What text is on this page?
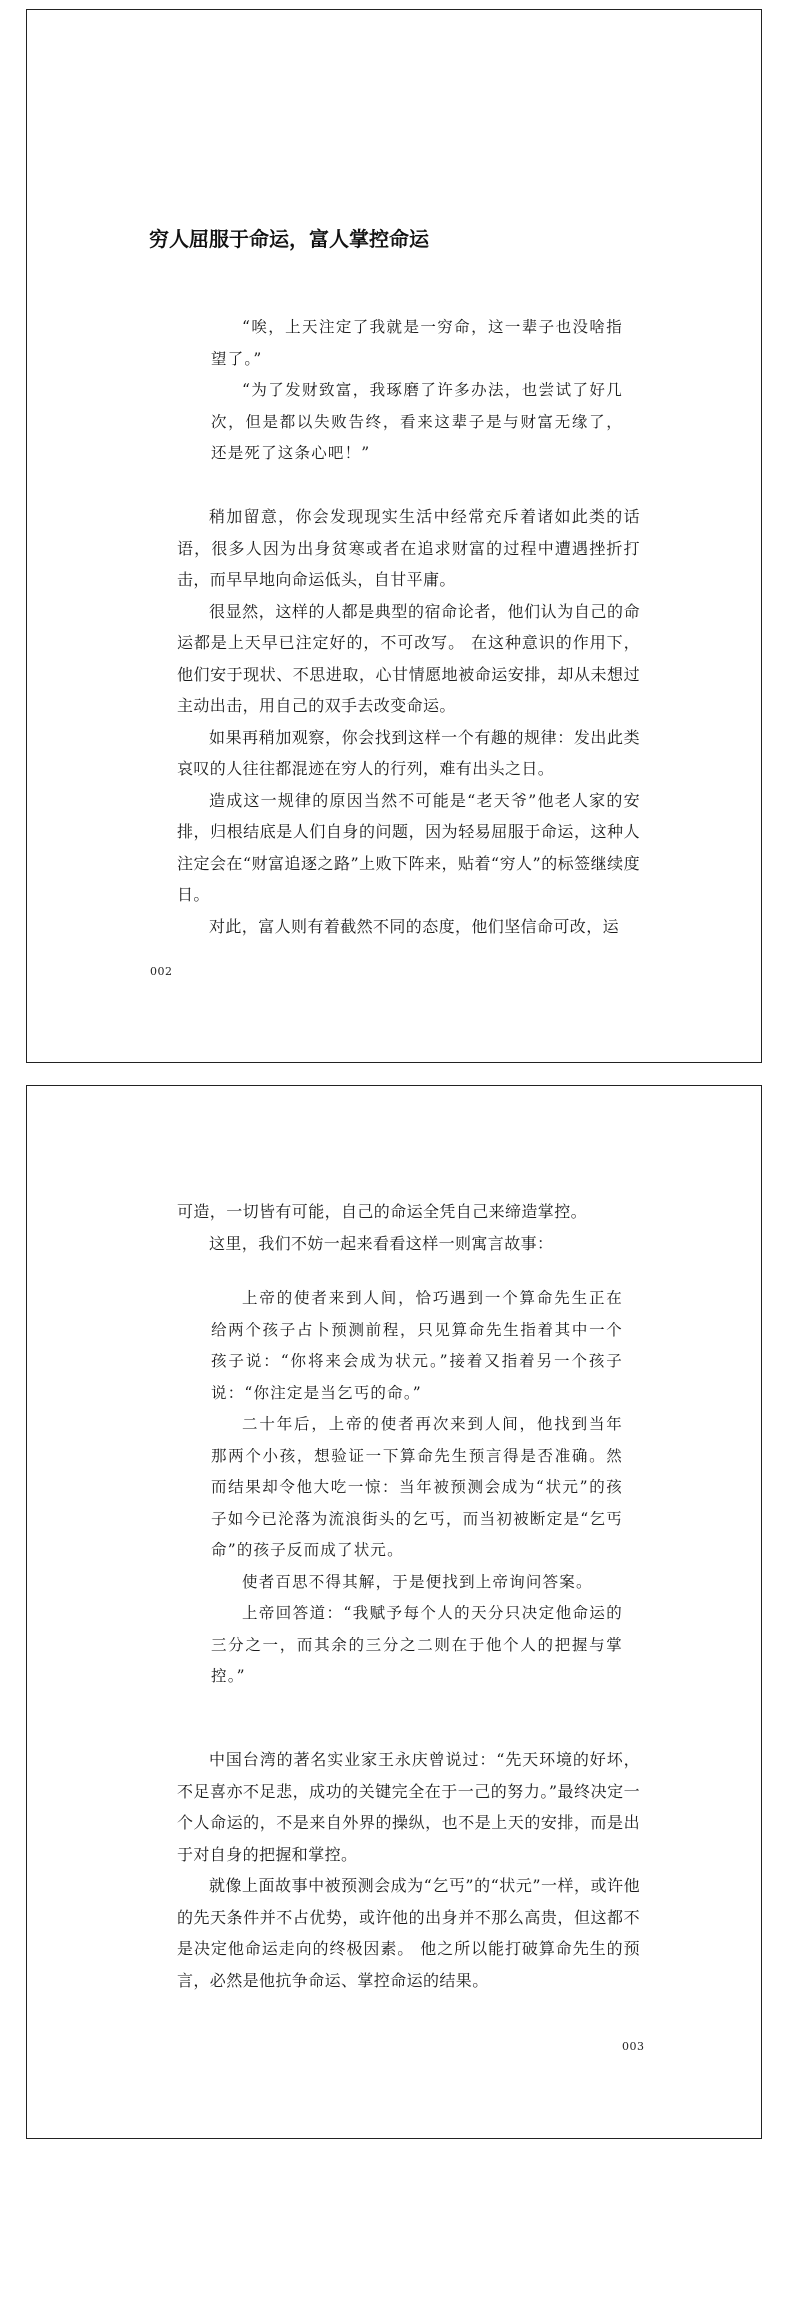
穷人屈服于命运，富人掌控命运

“唉，上天注定了我就是一穷命，这一辈子也没啥指望了。”

“为了发财致富，我琢磨了许多办法，也尝试了好几次，但是都以失败告终，看来这辈子是与财富无缘了，还是死了这条心吧！”

稍加留意，你会发现现实生活中经常充斥着诸如此类的话语，很多人因为出身贫寒或者在追求财富的过程中遭遇挫折打击，而早早地向命运低头，自甘平庸。

很显然，这样的人都是典型的宿命论者，他们认为自己的命运都是上天早已注定好的，不可改写。 在这种意识的作用下，他们安于现状、不思进取，心甘情愿地被命运安排，却从未想过主动出击，用自己的双手去改变命运。

如果再稍加观察，你会找到这样一个有趣的规律：发出此类哀叹的人往往都混迹在穷人的行列，难有出头之日。

造成这一规律的原因当然不可能是“老天爷”他老人家的安排，归根结底是人们自身的问题，因为轻易屈服于命运，这种人注定会在“财富追逐之路”上败下阵来，贴着“穷人”的标签继续度日。

对此，富人则有着截然不同的态度，他们坚信命可改，运

002

可造，一切皆有可能，自己的命运全凭自己来缔造掌控。

这里，我们不妨一起来看看这样一则寓言故事：

上帝的使者来到人间，恰巧遇到一个算命先生正在给两个孩子占卜预测前程，只见算命先生指着其中一个孩子说：“你将来会成为状元。”接着又指着另一个孩子说：“你注定是当乞丐的命。”

二十年后，上帝的使者再次来到人间，他找到当年那两个小孩，想验证一下算命先生预言得是否准确。然而结果却令他大吃一惊：当年被预测会成为“状元”的孩子如今已沦落为流浪街头的乞丐，而当初被断定是“乞丐命”的孩子反而成了状元。

使者百思不得其解，于是便找到上帝询问答案。

上帝回答道：“我赋予每个人的天分只决定他命运的三分之一，而其余的三分之二则在于他个人的把握与掌控。”

中国台湾的著名实业家王永庆曾说过：“先天环境的好坏，不足喜亦不足悲，成功的关键完全在于一己的努力。”最终决定一个人命运的，不是来自外界的操纵，也不是上天的安排，而是出于对自身的把握和掌控。

就像上面故事中被预测会成为“乞丐”的“状元”一样，或许他的先天条件并不占优势，或许他的出身并不那么高贵，但这都不是决定他命运走向的终极因素。 他之所以能打破算命先生的预言，必然是他抗争命运、掌控命运的结果。

003
